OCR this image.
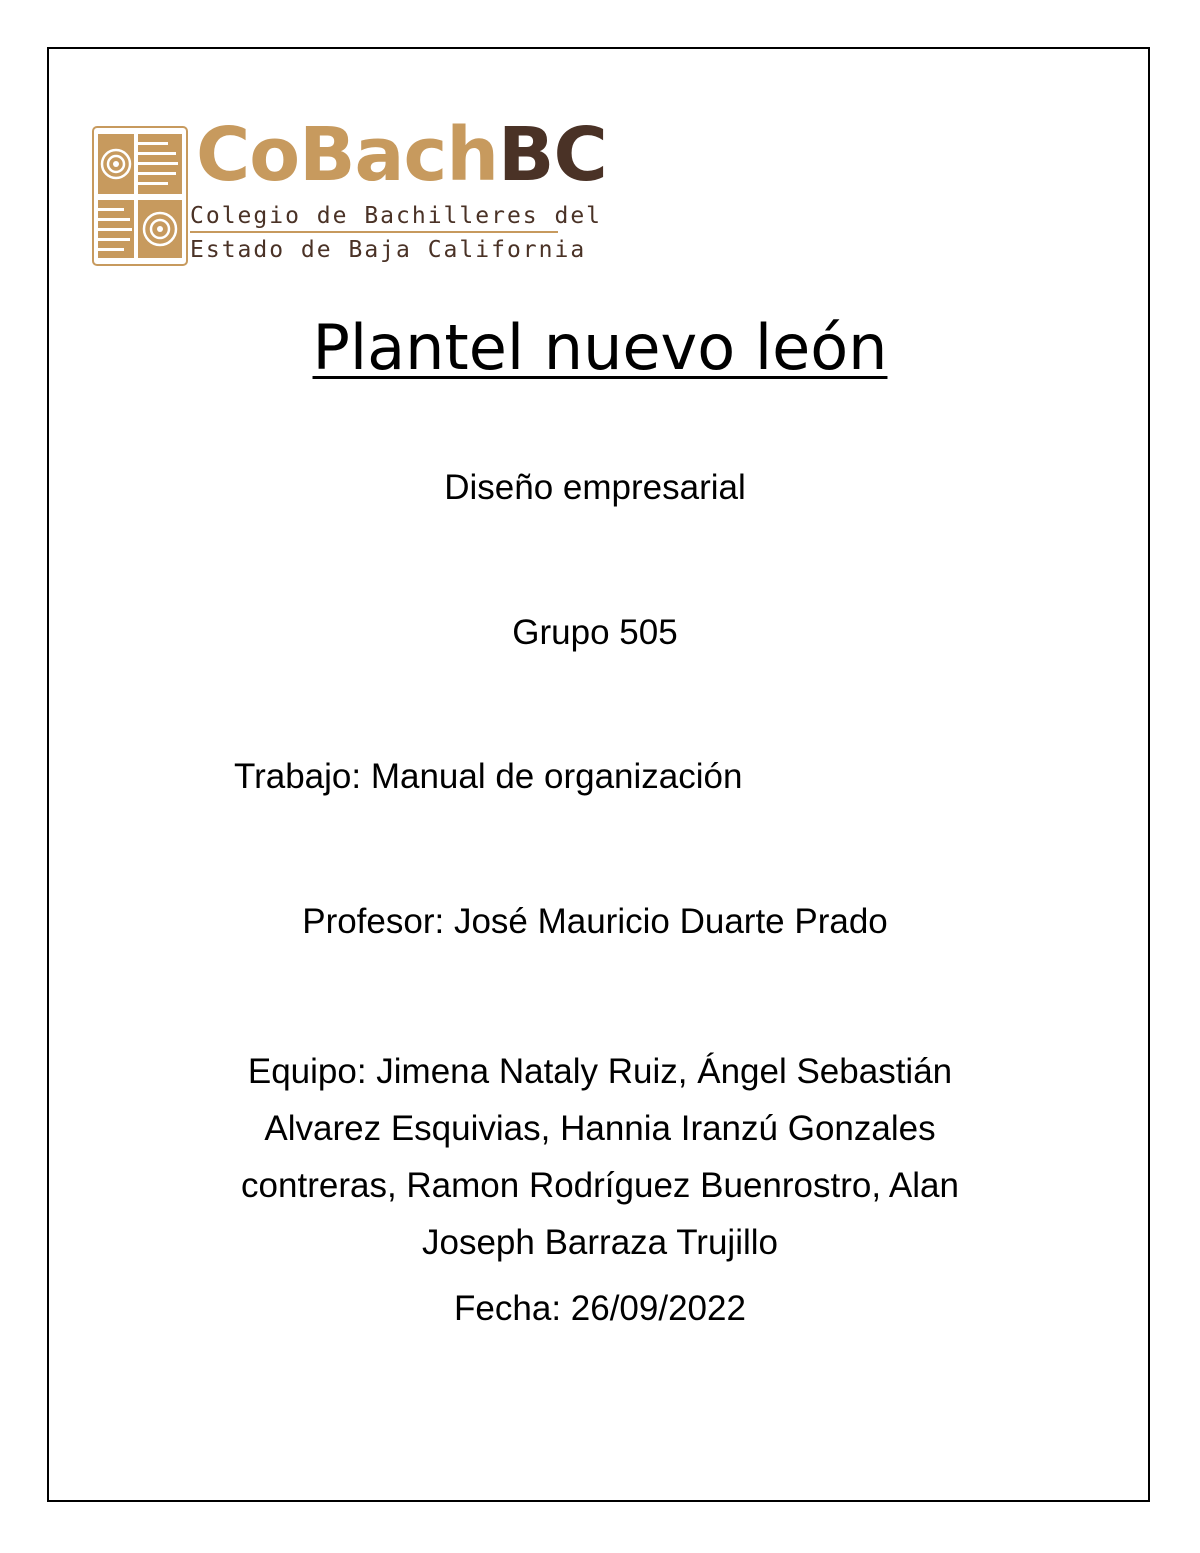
CoBachBC
Colegio de Bachilleres del
Estado de Baja California
Plantel nuevo león
Diseño empresarial
Grupo 505
Trabajo: Manual de organización
Profesor: José Mauricio Duarte Prado
Equipo: Jimena Nataly Ruiz, Ángel Sebastián
Alvarez Esquivias, Hannia Iranzú Gonzales
contreras, Ramon Rodríguez Buenrostro, Alan
Joseph Barraza Trujillo
Fecha: 26/09/2022
